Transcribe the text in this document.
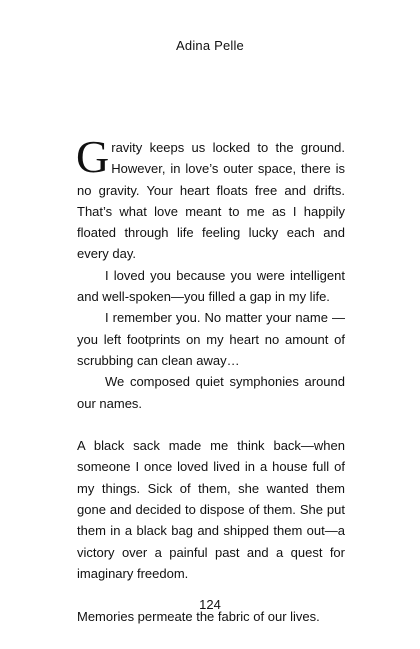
Adina Pelle

Gravity keeps us locked to the ground. However, in love’s outer space, there is no gravity. Your heart floats free and drifts. That’s what love meant to me as I happily floated through life feeling lucky each and every day.

I loved you because you were intelligent and well-spoken—you filled a gap in my life.

I remember you. No matter your name —you left footprints on my heart no amount of scrubbing can clean away…

We composed quiet symphonies around our names.

A black sack made me think back—when someone I once loved lived in a house full of my things. Sick of them, she wanted them gone and decided to dispose of them. She put them in a black bag and shipped them out—a victory over a painful past and a quest for imaginary freedom.

Memories permeate the fabric of our lives.

124
